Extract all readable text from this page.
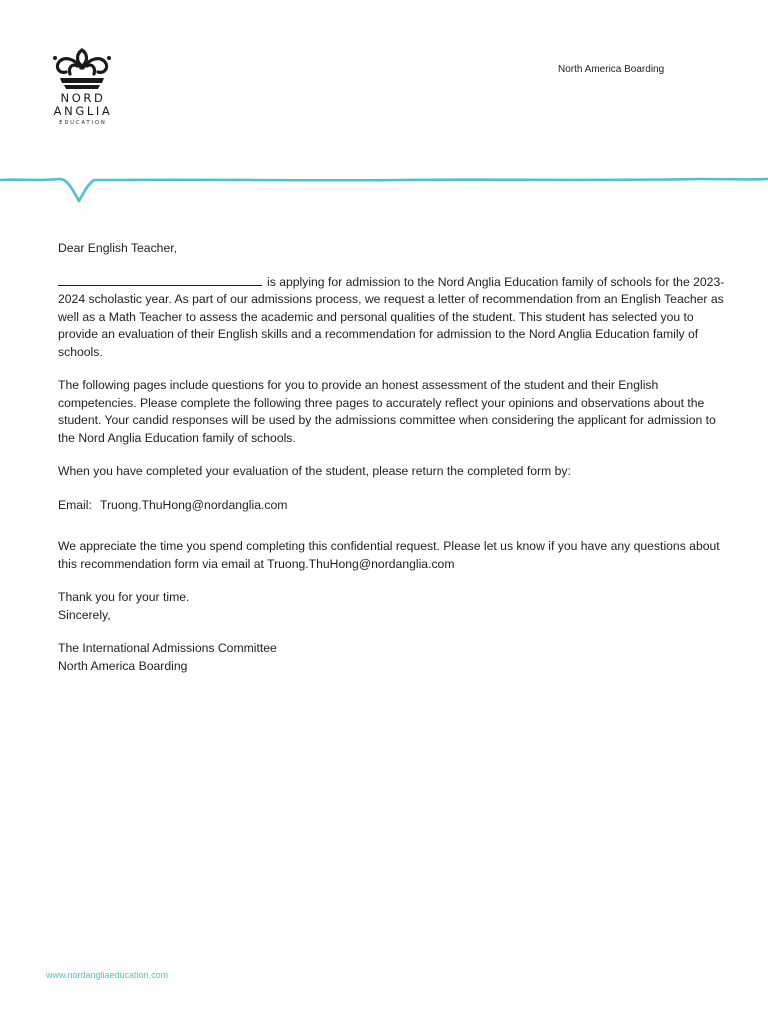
NORD
ANGLIA
EDUCATION
North America Boarding

Dear English Teacher,

is applying for admission to the Nord Anglia Education family of schools for the 2023-2024 scholastic year. As part of our admissions process, we request a letter of recommendation from an English Teacher as well as a Math Teacher to assess the academic and personal qualities of the student. This student has selected you to provide an evaluation of their English skills and a recommendation for admission to the Nord Anglia Education family of schools.

The following pages include questions for you to provide an honest assessment of the student and their English competencies. Please complete the following three pages to accurately reflect your opinions and observations about the student. Your candid responses will be used by the admissions committee when considering the applicant for admission to the Nord Anglia Education family of schools.

When you have completed your evaluation of the student, please return the completed form by:

Email: Truong.ThuHong@nordanglia.com

We appreciate the time you spend completing this confidential request. Please let us know if you have any questions about this recommendation form via email at Truong.ThuHong@nordanglia.com

Thank you for your time.

Sincerely,

The International Admissions Committee

North America Boarding

www.nordangliaeducation.com
